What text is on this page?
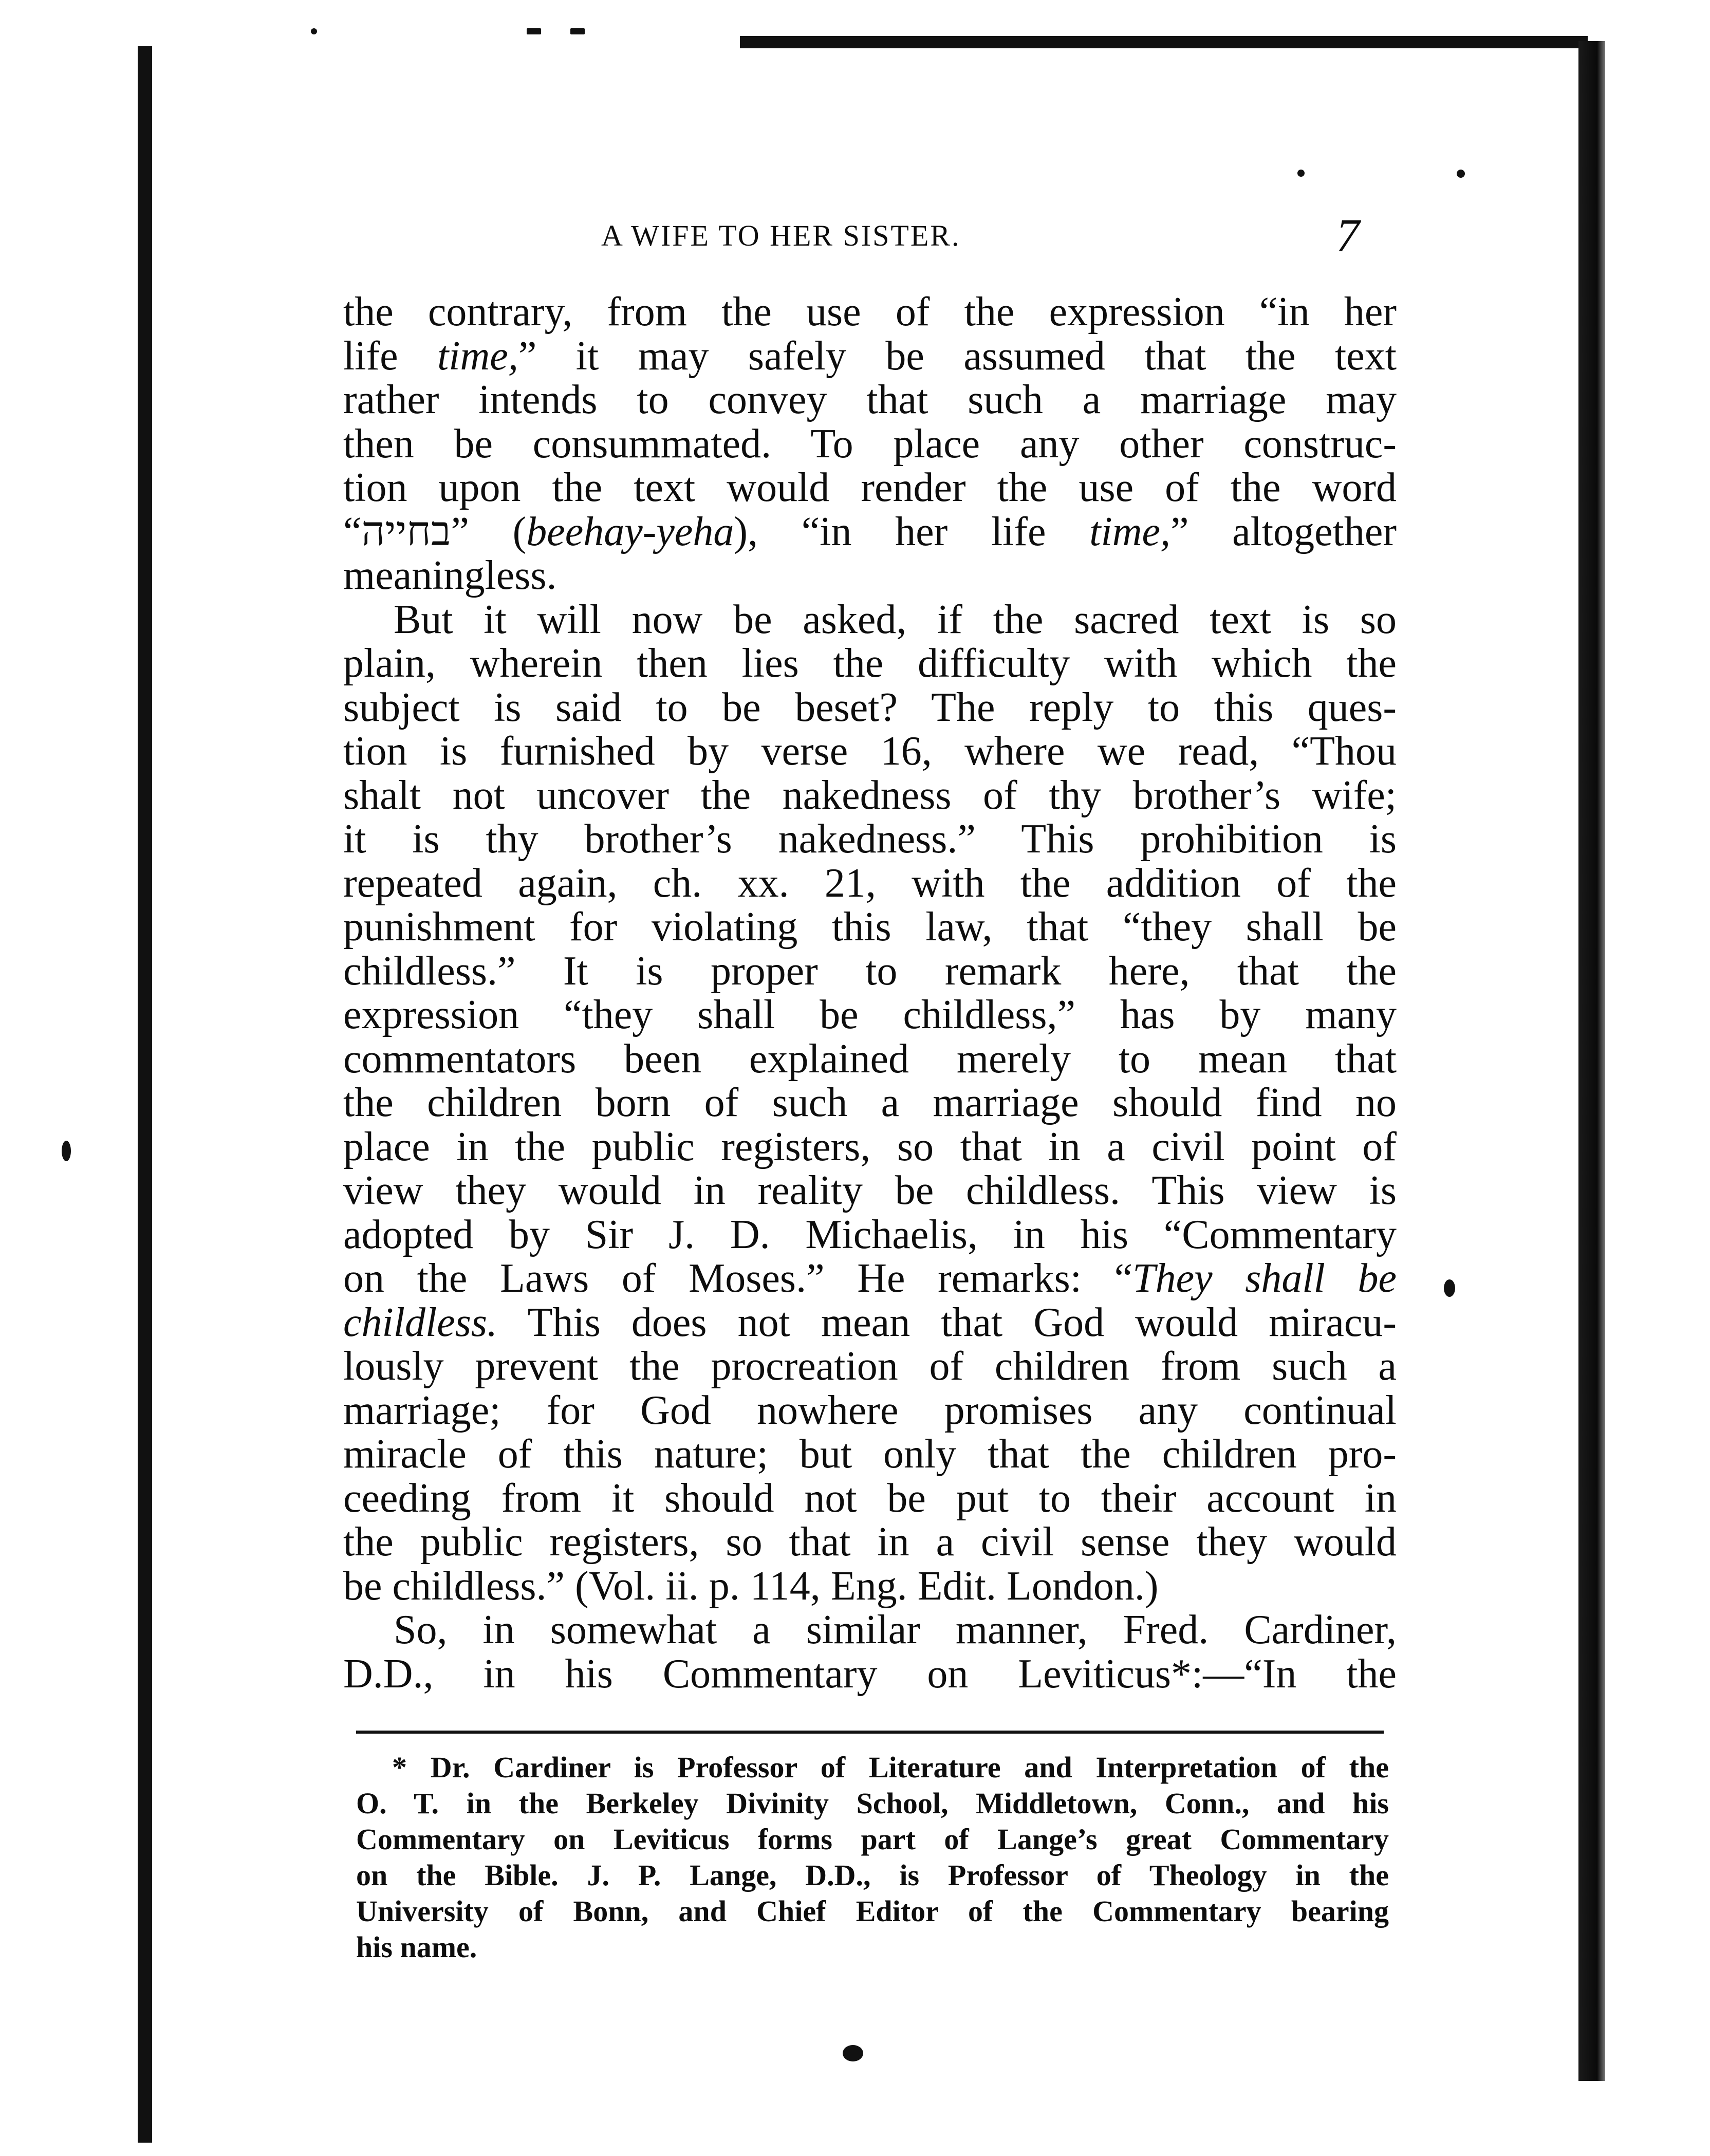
A WIFE TO HER SISTER.	7
the contrary, from the use of the expression “in her
life time,” it may safely be assumed that the text
rather intends to convey that such a marriage may
then be consummated. To place any other construc-
tion upon the text would render the use of the word
“בחייה” (beehay-yeha), “in her life time,” altogether
meaningless.
But it will now be asked, if the sacred text is so
plain, wherein then lies the difficulty with which the
subject is said to be beset? The reply to this ques-
tion is furnished by verse 16, where we read, “Thou
shalt not uncover the nakedness of thy brother’s wife;
it is thy brother’s nakedness.” This prohibition is
repeated again, ch. xx. 21, with the addition of the
punishment for violating this law, that “they shall be
childless.” It is proper to remark here, that the
expression “they shall be childless,” has by many
commentators been explained merely to mean that
the children born of such a marriage should find no
place in the public registers, so that in a civil point of
view they would in reality be childless. This view is
adopted by Sir J. D. Michaelis, in his “Commentary
on the Laws of Moses.” He remarks: “They shall be
childless. This does not mean that God would miracu-
lously prevent the procreation of children from such a
marriage; for God nowhere promises any continual
miracle of this nature; but only that the children pro-
ceeding from it should not be put to their account in
the public registers, so that in a civil sense they would
be childless.” (Vol. ii. p. 114, Eng. Edit. London.)
So, in somewhat a similar manner, Fred. Cardiner,
D.D., in his Commentary on Leviticus*:—“In the
* Dr. Cardiner is Professor of Literature and Interpretation of the
O. T. in the Berkeley Divinity School, Middletown, Conn., and his
Commentary on Leviticus forms part of Lange’s great Commentary
on the Bible. J. P. Lange, D.D., is Professor of Theology in the
University of Bonn, and Chief Editor of the Commentary bearing
his name.
